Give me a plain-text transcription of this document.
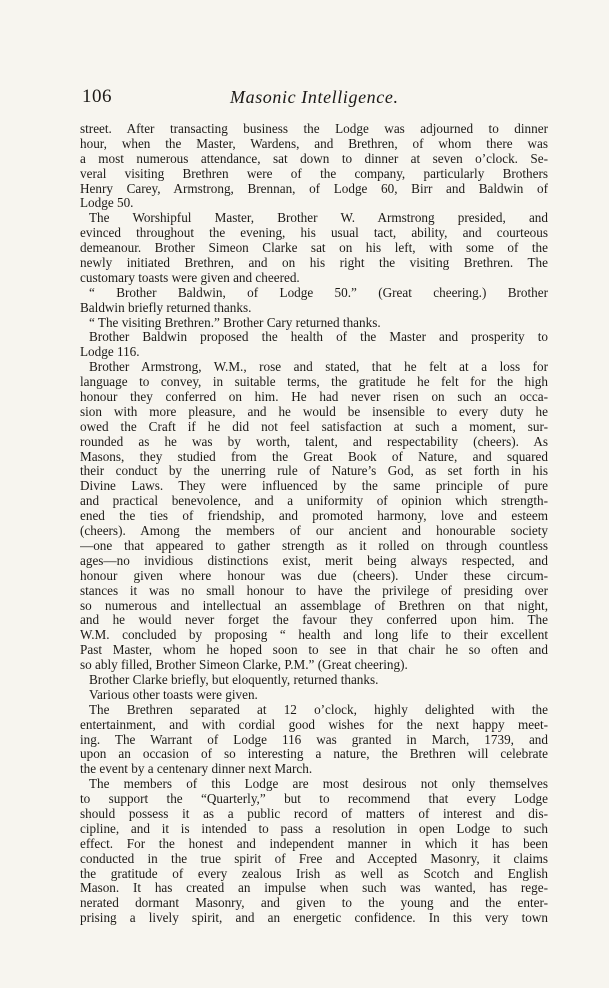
106	Masonic Intelligence.
street. After transacting business the Lodge was adjourned to dinner
hour, when the Master, Wardens, and Brethren, of whom there was
a most numerous attendance, sat down to dinner at seven o’clock. Se-
veral visiting Brethren were of the company, particularly Brothers
Henry Carey, Armstrong, Brennan, of Lodge 60, Birr and Baldwin of
Lodge 50.
The Worshipful Master, Brother W. Armstrong presided, and
evinced throughout the evening, his usual tact, ability, and courteous
demeanour. Brother Simeon Clarke sat on his left, with some of the
newly initiated Brethren, and on his right the visiting Brethren. The
customary toasts were given and cheered.
“ Brother Baldwin, of Lodge 50.” (Great cheering.) Brother
Baldwin briefly returned thanks.
“ The visiting Brethren.” Brother Cary returned thanks.
Brother Baldwin proposed the health of the Master and prosperity to
Lodge 116.
Brother Armstrong, W.M., rose and stated, that he felt at a loss for
language to convey, in suitable terms, the gratitude he felt for the high
honour they conferred on him. He had never risen on such an occa-
sion with more pleasure, and he would be insensible to every duty he
owed the Craft if he did not feel satisfaction at such a moment, sur-
rounded as he was by worth, talent, and respectability (cheers). As
Masons, they studied from the Great Book of Nature, and squared
their conduct by the unerring rule of Nature’s God, as set forth in his
Divine Laws. They were influenced by the same principle of pure
and practical benevolence, and a uniformity of opinion which strength-
ened the ties of friendship, and promoted harmony, love and esteem
(cheers). Among the members of our ancient and honourable society
—one that appeared to gather strength as it rolled on through countless
ages—no invidious distinctions exist, merit being always respected, and
honour given where honour was due (cheers). Under these circum-
stances it was no small honour to have the privilege of presiding over
so numerous and intellectual an assemblage of Brethren on that night,
and he would never forget the favour they conferred upon him. The
W.M. concluded by proposing “ health and long life to their excellent
Past Master, whom he hoped soon to see in that chair he so often and
so ably filled, Brother Simeon Clarke, P.M.” (Great cheering).
Brother Clarke briefly, but eloquently, returned thanks.
Various other toasts were given.
The Brethren separated at 12 o’clock, highly delighted with the
entertainment, and with cordial good wishes for the next happy meet-
ing. The Warrant of Lodge 116 was granted in March, 1739, and
upon an occasion of so interesting a nature, the Brethren will celebrate
the event by a centenary dinner next March.
The members of this Lodge are most desirous not only themselves
to support the “Quarterly,” but to recommend that every Lodge
should possess it as a public record of matters of interest and dis-
cipline, and it is intended to pass a resolution in open Lodge to such
effect. For the honest and independent manner in which it has been
conducted in the true spirit of Free and Accepted Masonry, it claims
the gratitude of every zealous Irish as well as Scotch and English
Mason. It has created an impulse when such was wanted, has rege-
nerated dormant Masonry, and given to the young and the enter-
prising a lively spirit, and an energetic confidence. In this very town
